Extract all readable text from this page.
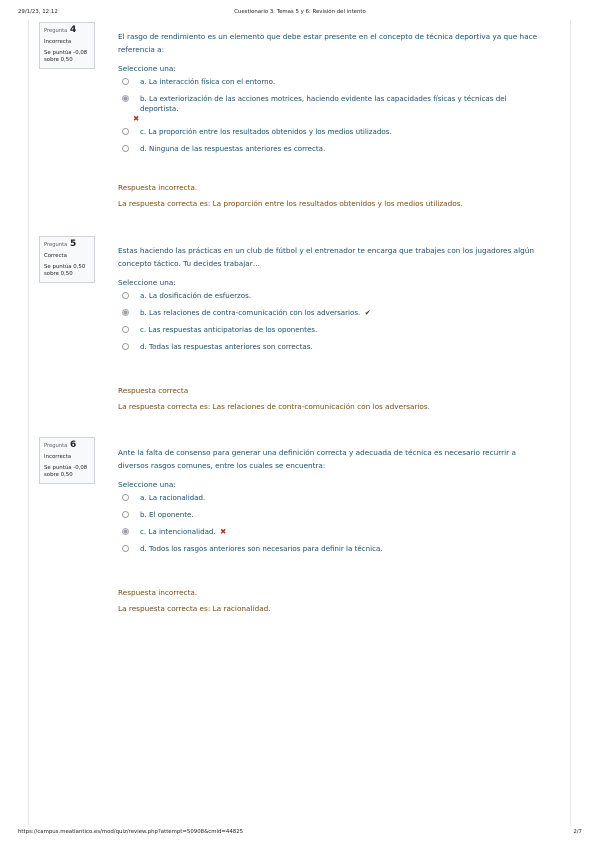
29/1/23, 12:12	Cuestionario 3. Temas 5 y 6: Revisión del intento
Pregunta 4
Incorrecta
Se puntúa -0,08
sobre 0,50
El rasgo de rendimiento es un elemento que debe estar presente en el concepto de técnica deportiva ya que hace referencia a:
Seleccione una:
a. La interacción física con el entorno.
b. La exteriorización de las acciones motrices, haciendo evidente las capacidades físicas y técnicas del deportista.
✖
c. La proporción entre los resultados obtenidos y los medios utilizados.
d. Ninguna de las respuestas anteriores es correcta.
Respuesta incorrecta.
La respuesta correcta es: La proporción entre los resultados obtenidos y los medios utilizados.
Pregunta 5
Correcta
Se puntúa 0,50
sobre 0,50
Estas haciendo las prácticas en un club de fútbol y el entrenador te encarga que trabajes con los jugadores algún concepto táctico. Tu decides trabajar…
Seleccione una:
a. La dosificación de esfuerzos.
b. Las relaciones de contra-comunicación con los adversarios. ✔
c. Las respuestas anticipatorias de los oponentes.
d. Todas las respuestas anteriores son correctas.
Respuesta correcta
La respuesta correcta es: Las relaciones de contra-comunicación con los adversarios.
Pregunta 6
Incorrecta
Se puntúa -0,08
sobre 0,50
Ante la falta de consenso para generar una definición correcta y adecuada de técnica es necesario recurrir a diversos rasgos comunes, entre los cuales se encuentra:
Seleccione una:
a. La racionalidad.
b. El oponente.
c. La intencionalidad. ✖
d. Todos los rasgos anteriores son necesarios para definir la técnica.
Respuesta incorrecta.
La respuesta correcta es: La racionalidad.
https://campus.meatlantico.es/mod/quiz/review.php?attempt=50908&cmid=44825	2/7
